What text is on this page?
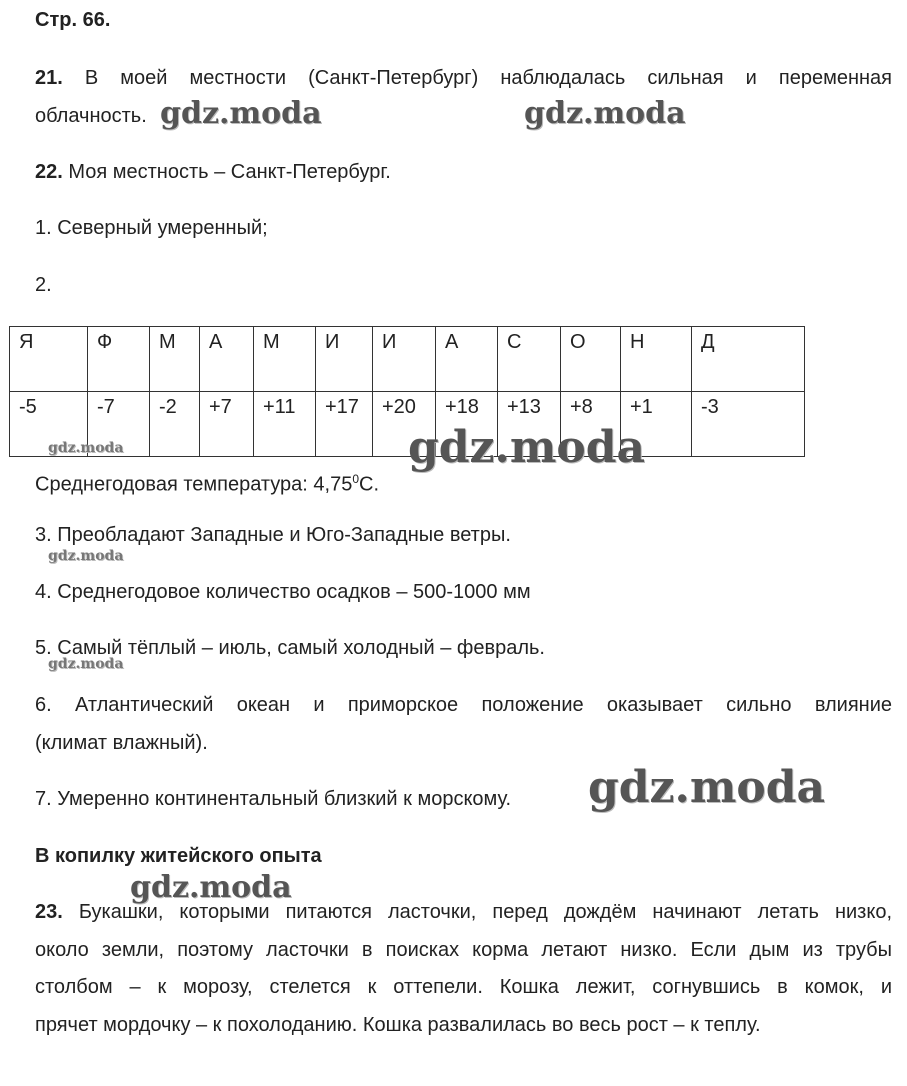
Стр. 66.
21. В моей местности (Санкт-Петербург) наблюдалась сильная и переменная
облачность.
22. Моя местность – Санкт-Петербург.
1. Северный умеренный;
2.
Я	Ф	М	А	М	И	И	А	С	О	Н	Д
-5	-7	-2	+7	+11	+17	+20	+18	+13	+8	+1	-3
Среднегодовая температура: 4,75$^0$С.
3. Преобладают Западные и Юго-Западные ветры.
4. Среднегодовое количество осадков – 500-1000 мм
5. Самый тёплый – июль, самый холодный – февраль.
6. Атлантический океан и приморское положение оказывает сильно влияние
(климат влажный).
7. Умеренно континентальный близкий к морскому.
В копилку житейского опыта
23. Букашки, которыми питаются ласточки, перед дождём начинают летать низко,
около земли, поэтому ласточки в поисках корма летают низко. Если дым из трубы
столбом – к морозу, стелется к оттепели. Кошка лежит, согнувшись в комок, и
прячет мордочку – к похолоданию. Кошка развалилась во весь рост – к теплу.
gdz.moda	gdz.moda
gdz.moda	gdz.moda
gdz.moda
gdz.moda
gdz.moda
gdz.moda
